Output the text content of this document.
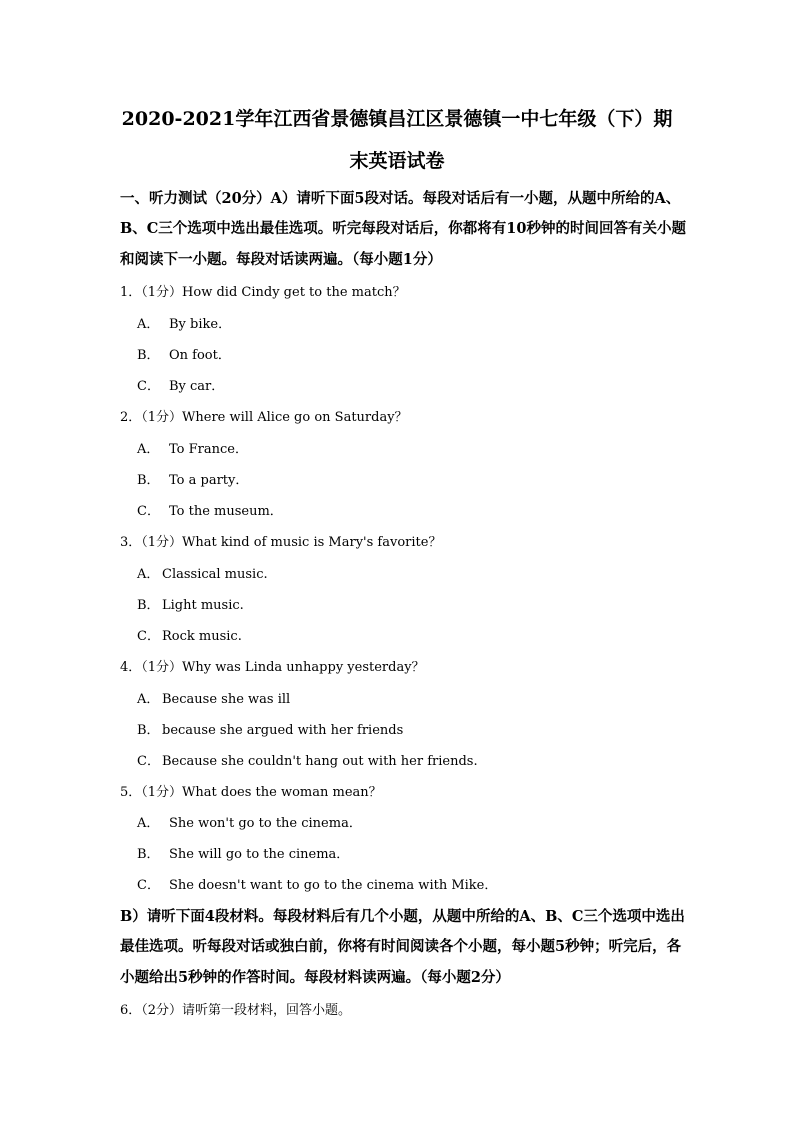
2020-2021学年江西省景德镇昌江区景德镇一中七年级（下）期
末英语试卷
一、听力测试（20分）A）请听下面5段对话。每段对话后有一小题，从题中所给的A、
B、C三个选项中选出最佳选项。听完每段对话后，你都将有10秒钟的时间回答有关小题
和阅读下一小题。每段对话读两遍。（每小题1分）
1．（1分）How did Cindy get to the match？
A． By bike．
B． On foot．
C． By car．
2．（1分）Where will Alice go on Saturday？
A． To France．
B． To a party．
C． To the museum．
3．（1分）What kind of music is Mary's favorite？
A． Classical music.
B． Light music.
C． Rock music.
4．（1分）Why was Linda unhappy yesterday？
A． Because she was ill
B． because she argued with her friends
C． Because she couldn't hang out with her friends.
5．（1分）What does the woman mean？
A． She won't go to the cinema．
B． She will go to the cinema．
C． She doesn't want to go to the cinema with Mike．
B）请听下面4段材料。每段材料后有几个小题，从题中所给的A、B、C三个选项中选出
最佳选项。听每段对话或独白前，你将有时间阅读各个小题，每小题5秒钟；听完后，各
小题给出5秒钟的作答时间。每段材料读两遍。（每小题2分）
6．（2分）请听第一段材料，回答小题。
